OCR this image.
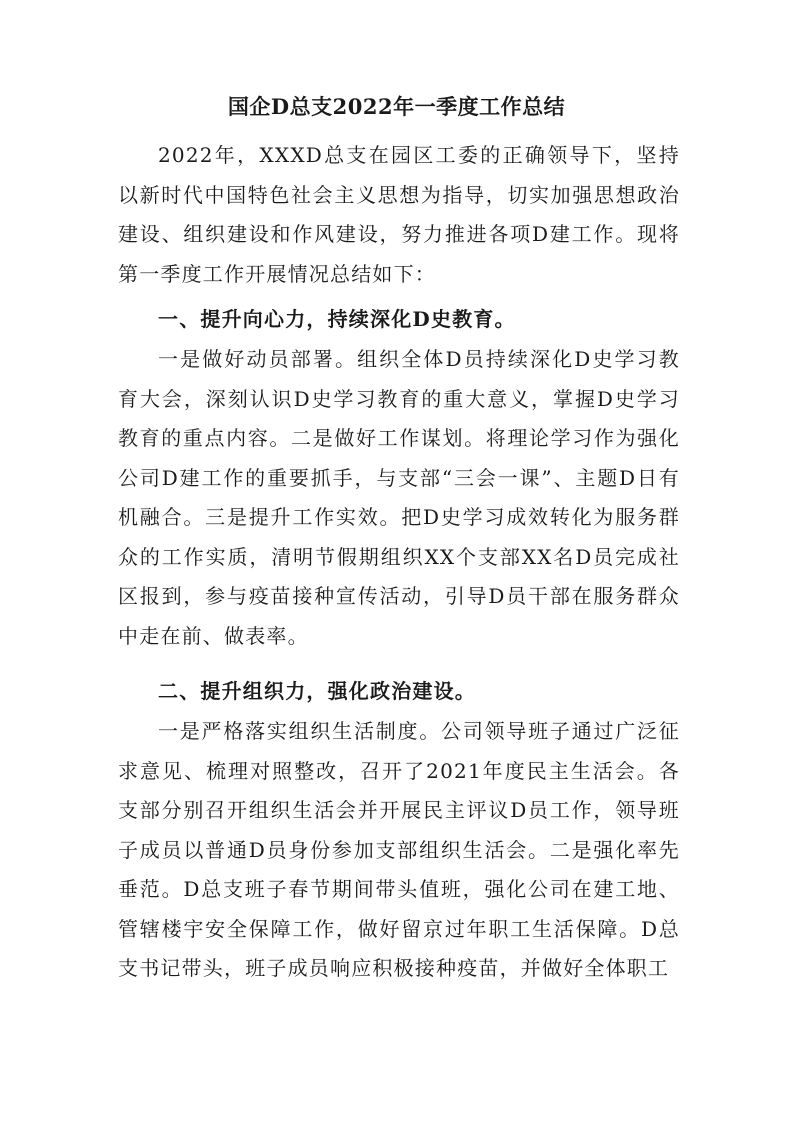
国企D总支2022年一季度工作总结

2022年，XXXD总支在园区工委的正确领导下，坚持以新时代中国特色社会主义思想为指导，切实加强思想政治建设、组织建设和作风建设，努力推进各项D建工作。现将第一季度工作开展情况总结如下：

一、提升向心力，持续深化D史教育。

一是做好动员部署。组织全体D员持续深化D史学习教育大会，深刻认识D史学习教育的重大意义，掌握D史学习教育的重点内容。二是做好工作谋划。将理论学习作为强化公司D建工作的重要抓手，与支部“三会一课”、主题D日有机融合。三是提升工作实效。把D史学习成效转化为服务群众的工作实质，清明节假期组织XX个支部XX名D员完成社区报到，参与疫苗接种宣传活动，引导D员干部在服务群众中走在前、做表率。

二、提升组织力，强化政治建设。

一是严格落实组织生活制度。公司领导班子通过广泛征求意见、梳理对照整改，召开了2021年度民主生活会。各支部分别召开组织生活会并开展民主评议D员工作，领导班子成员以普通D员身份参加支部组织生活会。二是强化率先垂范。D总支班子春节期间带头值班，强化公司在建工地、管辖楼宇安全保障工作，做好留京过年职工生活保障。D总支书记带头，班子成员响应积极接种疫苗，并做好全体职工
